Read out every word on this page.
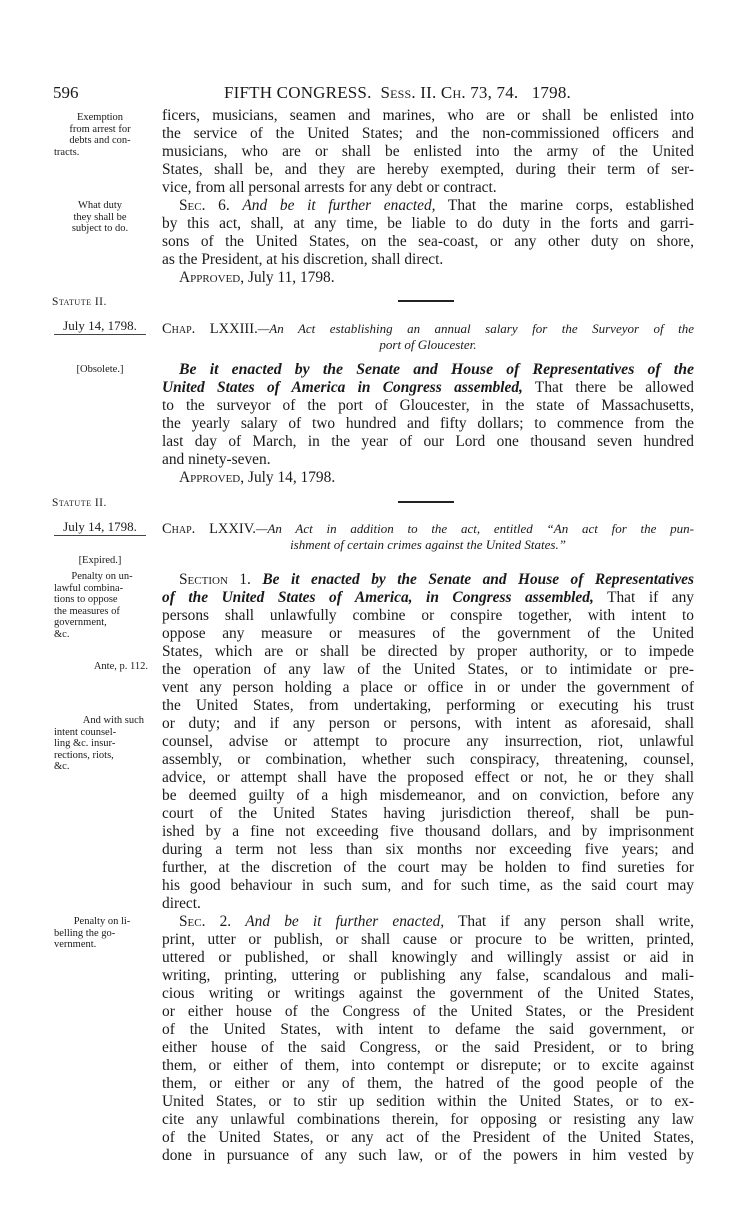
596	FIFTH CONGRESS. Sess. II. Ch. 73, 74. 1798.
Exemption
from arrest for
debts and con-
tracts.
ficers, musicians, seamen and marines, who are or shall be enlisted into
the service of the United States; and the non-commissioned officers and
musicians, who are or shall be enlisted into the army of the United
States, shall be, and they are hereby exempted, during their term of ser-
vice, from all personal arrests for any debt or contract.
What duty
they shall be
subject to do.
Sec. 6. And be it further enacted, That the marine corps, established
by this act, shall, at any time, be liable to do duty in the forts and garri-
sons of the United States, on the sea-coast, or any other duty on shore,
as the President, at his discretion, shall direct.
Approved, July 11, 1798.
Statute II.
July 14, 1798.	Chap. LXXIII.—An Act establishing an annual salary for the Surveyor of the
port of Gloucester.
[Obsolete.]	Be it enacted by the Senate and House of Representatives of the
United States of America in Congress assembled, That there be allowed
to the surveyor of the port of Gloucester, in the state of Massachusetts,
the yearly salary of two hundred and fifty dollars; to commence from the
last day of March, in the year of our Lord one thousand seven hundred
and ninety-seven.
Approved, July 14, 1798.
Statute II.
July 14, 1798.	Chap. LXXIV.—An Act in addition to the act, entitled “An act for the pun-
ishment of certain crimes against the United States.”
[Expired.]
Penalty on un-
lawful combina-
tions to oppose
the measures of
government,
&c.
Ante, p. 112.
And with such
intent counsel-
ling &c. insur-
rections, riots,
&c.
Section 1. Be it enacted by the Senate and House of Representatives
of the United States of America, in Congress assembled, That if any
persons shall unlawfully combine or conspire together, with intent to
oppose any measure or measures of the government of the United
States, which are or shall be directed by proper authority, or to impede
the operation of any law of the United States, or to intimidate or pre-
vent any person holding a place or office in or under the government of
the United States, from undertaking, performing or executing his trust
or duty; and if any person or persons, with intent as aforesaid, shall
counsel, advise or attempt to procure any insurrection, riot, unlawful
assembly, or combination, whether such conspiracy, threatening, counsel,
advice, or attempt shall have the proposed effect or not, he or they shall
be deemed guilty of a high misdemeanor, and on conviction, before any
court of the United States having jurisdiction thereof, shall be pun-
ished by a fine not exceeding five thousand dollars, and by imprisonment
during a term not less than six months nor exceeding five years; and
further, at the discretion of the court may be holden to find sureties for
his good behaviour in such sum, and for such time, as the said court may
direct.
Penalty on li-
belling the go-
vernment.
Sec. 2. And be it further enacted, That if any person shall write,
print, utter or publish, or shall cause or procure to be written, printed,
uttered or published, or shall knowingly and willingly assist or aid in
writing, printing, uttering or publishing any false, scandalous and mali-
cious writing or writings against the government of the United States,
or either house of the Congress of the United States, or the President
of the United States, with intent to defame the said government, or
either house of the said Congress, or the said President, or to bring
them, or either of them, into contempt or disrepute; or to excite against
them, or either or any of them, the hatred of the good people of the
United States, or to stir up sedition within the United States, or to ex-
cite any unlawful combinations therein, for opposing or resisting any law
of the United States, or any act of the President of the United States,
done in pursuance of any such law, or of the powers in him vested by
